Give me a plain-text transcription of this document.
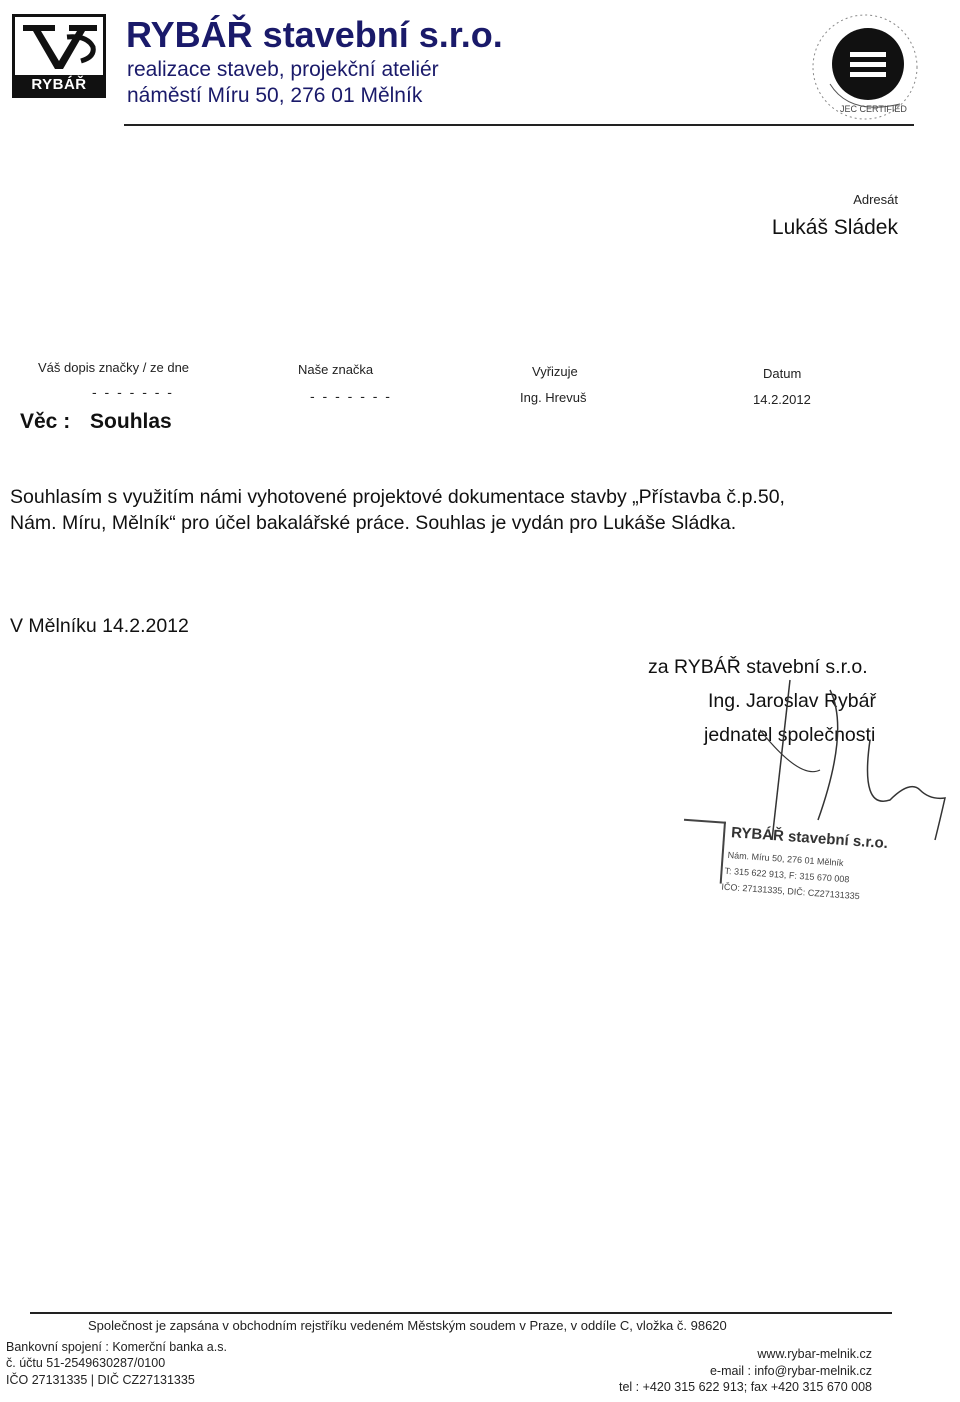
RYBÁŘ
RYBÁŘ stavební s.r.o.
realizace staveb, projekční ateliér
náměstí Míru 50, 276 01 Mělník
JEC CERTIFIED
Adresát
Lukáš Sládek
Váš dopis značky / ze dne
- - - - - - -
Naše značka
- - - - - - -
Vyřizuje
Ing. Hrevuš
Datum
14.2.2012
Věc : Souhlas
Souhlasím s využitím námi vyhotovené projektové dokumentace stavby „Přístavba č.p.50,
Nám. Míru, Mělník“ pro účel bakalářské práce. Souhlas je vydán pro Lukáše Sládka.
V Mělníku 14.2.2012
za RYBÁŘ stavební s.r.o.
Ing. Jaroslav Rybář
jednatel společnosti
RYBÁŘ stavební s.r.o.
Nám. Míru 50, 276 01 Mělník
T: 315 622 913, F: 315 670 008
IČO: 27131335, DIČ: CZ27131335
Společnost je zapsána v obchodním rejstříku vedeném Městským soudem v Praze, v oddíle C, vložka č. 98620
Bankovní spojení : Komerční banka a.s.
č. účtu 51-2549630287/0100
IČO 27131335 | DIČ CZ27131335
www.rybar-melnik.cz
e-mail : info@rybar-melnik.cz
tel : +420 315 622 913; fax +420 315 670 008
